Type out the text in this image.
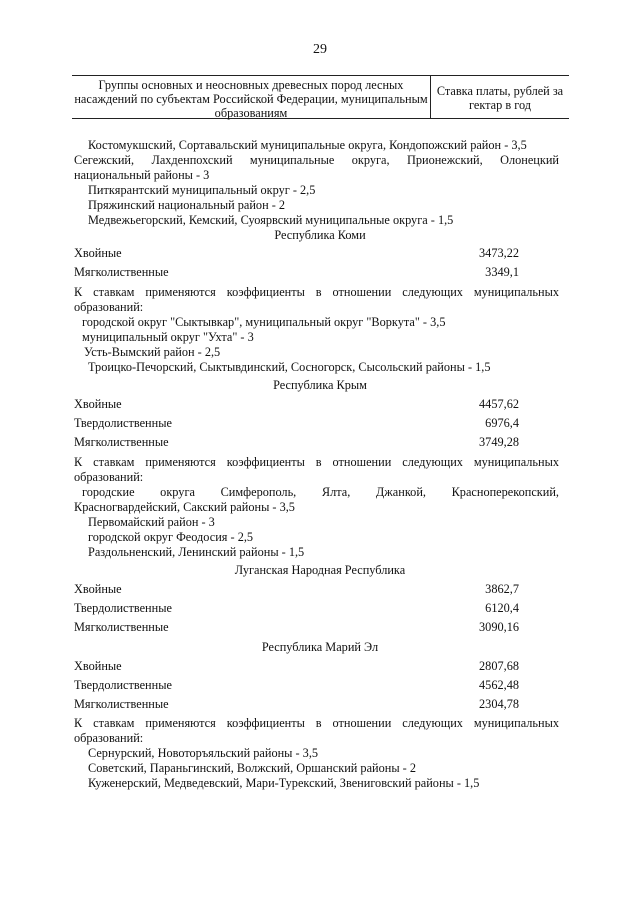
29
Группы основных и неосновных древесных пород лесных насаждений по субъектам Российской Федерации, муниципальным образованиям
Ставка платы, рублей за гектар в год
Костомукшский, Сортавальский муниципальные округа, Кондопожский район - 3,5
Сегежский, Лахденпохский муниципальные округа, Прионежский, Олонецкий
национальный районы - 3
Питкярантский муниципальный округ - 2,5
Пряжинский национальный район - 2
Медвежьегорский, Кемский, Суоярвский муниципальные округа - 1,5
Республика Коми
Хвойные	3473,22
Мягколиственные	3349,1
К ставкам применяются коэффициенты в отношении следующих муниципальных
образований:
городской округ "Сыктывкар", муниципальный округ "Воркута" - 3,5
муниципальный округ "Ухта" - 3
Усть-Вымский район - 2,5
Троицко-Печорский, Сыктывдинский, Сосногорск, Сысольский районы - 1,5
Республика Крым
Хвойные	4457,62
Твердолиственные	6976,4
Мягколиственные	3749,28
К ставкам применяются коэффициенты в отношении следующих муниципальных
образований:
городские округа Симферополь, Ялта, Джанкой, Красноперекопский,
Красногвардейский, Сакский районы - 3,5
Первомайский район - 3
городской округ Феодосия - 2,5
Раздольненский, Ленинский районы - 1,5
Луганская Народная Республика
Хвойные	3862,7
Твердолиственные	6120,4
Мягколиственные	3090,16
Республика Марий Эл
Хвойные	2807,68
Твердолиственные	4562,48
Мягколиственные	2304,78
К ставкам применяются коэффициенты в отношении следующих муниципальных
образований:
Сернурский, Новоторъяльский районы - 3,5
Советский, Параньгинский, Волжский, Оршанский районы - 2
Куженерский, Медведевский, Мари-Турекский, Звениговский районы - 1,5
